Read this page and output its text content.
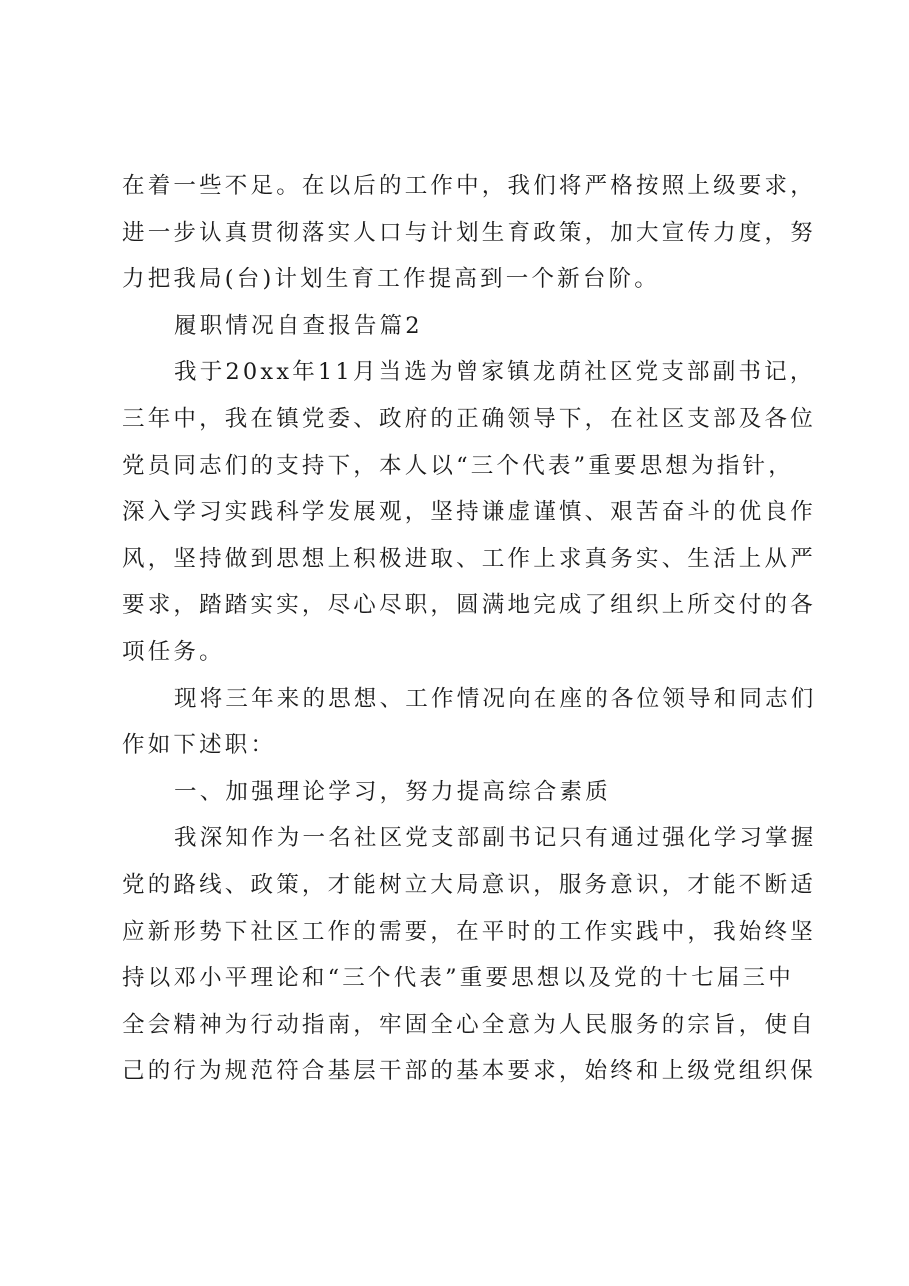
在着一些不足。在以后的工作中，我们将严格按照上级要求，
进一步认真贯彻落实人口与计划生育政策，加大宣传力度，努
力把我局(台)计划生育工作提高到一个新台阶。
履职情况自查报告篇2
我于20xx年11月当选为曾家镇龙荫社区党支部副书记，
三年中，我在镇党委、政府的正确领导下，在社区支部及各位
党员同志们的支持下，本人以“三个代表”重要思想为指针，
深入学习实践科学发展观，坚持谦虚谨慎、艰苦奋斗的优良作
风，坚持做到思想上积极进取、工作上求真务实、生活上从严
要求，踏踏实实，尽心尽职，圆满地完成了组织上所交付的各
项任务。
现将三年来的思想、工作情况向在座的各位领导和同志们
作如下述职：
一、加强理论学习，努力提高综合素质
我深知作为一名社区党支部副书记只有通过强化学习掌握
党的路线、政策，才能树立大局意识，服务意识，才能不断适
应新形势下社区工作的需要，在平时的工作实践中，我始终坚
持以邓小平理论和“三个代表”重要思想以及党的十七届三中
全会精神为行动指南，牢固全心全意为人民服务的宗旨，使自
己的行为规范符合基层干部的基本要求，始终和上级党组织保
